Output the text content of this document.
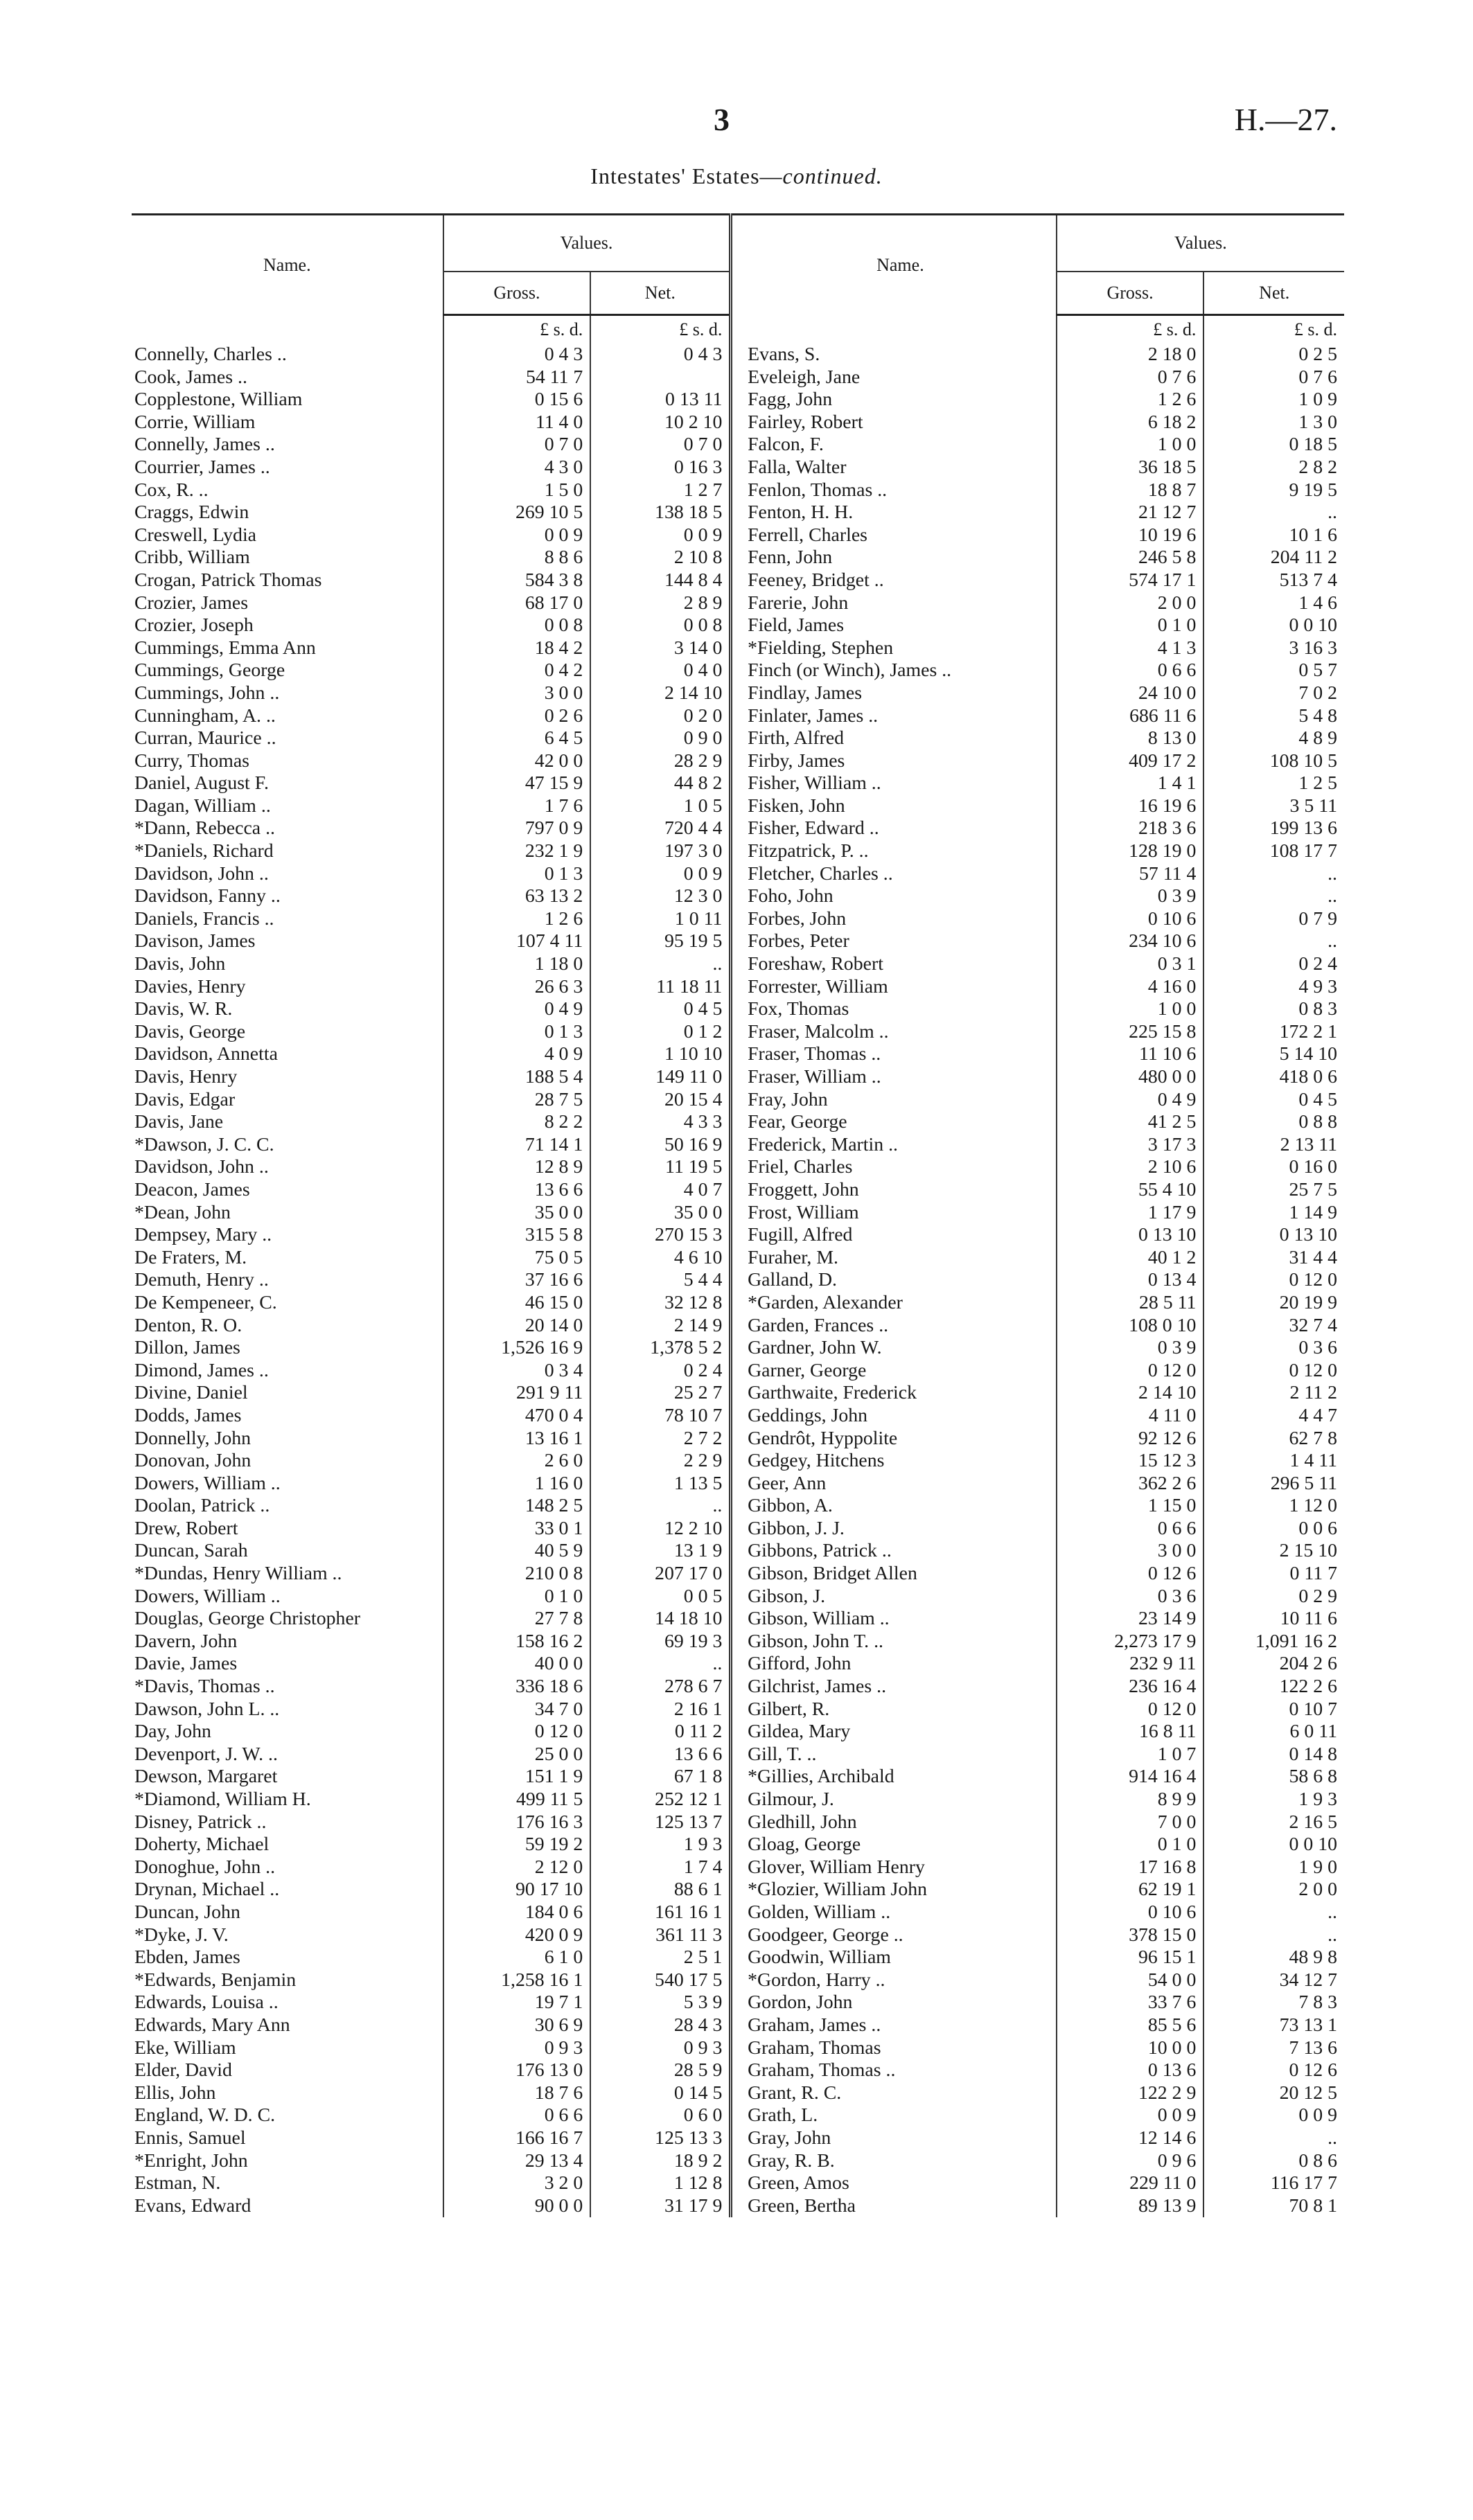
3	H.—27.
Intestates' Estates—continued.
Name.	Values.			Name.	Values.	
	Gross.	Net.			Gross.	Net.
	£ s. d.	£ s. d.			£ s. d.	£ s. d.
Connelly, Charles ..	0 4 3	0 4 3		Evans, S.	2 18 0	0 2 5
Cook, James ..	54 11 7			Eveleigh, Jane	0 7 6	0 7 6
Copplestone, William	0 15 6	0 13 11		Fagg, John	1 2 6	1 0 9
Corrie, William	11 4 0	10 2 10		Fairley, Robert	6 18 2	1 3 0
Connelly, James ..	0 7 0	0 7 0		Falcon, F.	1 0 0	0 18 5
Courrier, James ..	4 3 0	0 16 3		Falla, Walter	36 18 5	2 8 2
Cox, R. ..	1 5 0	1 2 7		Fenlon, Thomas ..	18 8 7	9 19 5
Craggs, Edwin	269 10 5	138 18 5		Fenton, H. H.	21 12 7	..
Creswell, Lydia	0 0 9	0 0 9		Ferrell, Charles	10 19 6	10 1 6
Cribb, William	8 8 6	2 10 8		Fenn, John	246 5 8	204 11 2
Crogan, Patrick Thomas	584 3 8	144 8 4		Feeney, Bridget ..	574 17 1	513 7 4
Crozier, James	68 17 0	2 8 9		Farerie, John	2 0 0	1 4 6
Crozier, Joseph	0 0 8	0 0 8		Field, James	0 1 0	0 0 10
Cummings, Emma Ann	18 4 2	3 14 0		*Fielding, Stephen	4 1 3	3 16 3
Cummings, George	0 4 2	0 4 0		Finch (or Winch), James ..	0 6 6	0 5 7
Cummings, John ..	3 0 0	2 14 10		Findlay, James	24 10 0	7 0 2
Cunningham, A. ..	0 2 6	0 2 0		Finlater, James ..	686 11 6	5 4 8
Curran, Maurice ..	6 4 5	0 9 0		Firth, Alfred	8 13 0	4 8 9
Curry, Thomas	42 0 0	28 2 9		Firby, James	409 17 2	108 10 5
Daniel, August F.	47 15 9	44 8 2		Fisher, William ..	1 4 1	1 2 5
Dagan, William ..	1 7 6	1 0 5		Fisken, John	16 19 6	3 5 11
*Dann, Rebecca ..	797 0 9	720 4 4		Fisher, Edward ..	218 3 6	199 13 6
*Daniels, Richard	232 1 9	197 3 0		Fitzpatrick, P. ..	128 19 0	108 17 7
Davidson, John ..	0 1 3	0 0 9		Fletcher, Charles ..	57 11 4	..
Davidson, Fanny ..	63 13 2	12 3 0		Foho, John	0 3 9	..
Daniels, Francis ..	1 2 6	1 0 11		Forbes, John	0 10 6	0 7 9
Davison, James	107 4 11	95 19 5		Forbes, Peter	234 10 6	..
Davis, John	1 18 0	..		Foreshaw, Robert	0 3 1	0 2 4
Davies, Henry	26 6 3	11 18 11		Forrester, William	4 16 0	4 9 3
Davis, W. R.	0 4 9	0 4 5		Fox, Thomas	1 0 0	0 8 3
Davis, George	0 1 3	0 1 2		Fraser, Malcolm ..	225 15 8	172 2 1
Davidson, Annetta	4 0 9	1 10 10		Fraser, Thomas ..	11 10 6	5 14 10
Davis, Henry	188 5 4	149 11 0		Fraser, William ..	480 0 0	418 0 6
Davis, Edgar	28 7 5	20 15 4		Fray, John	0 4 9	0 4 5
Davis, Jane	8 2 2	4 3 3		Fear, George	41 2 5	0 8 8
*Dawson, J. C. C.	71 14 1	50 16 9		Frederick, Martin ..	3 17 3	2 13 11
Davidson, John ..	12 8 9	11 19 5		Friel, Charles	2 10 6	0 16 0
Deacon, James	13 6 6	4 0 7		Froggett, John	55 4 10	25 7 5
*Dean, John	35 0 0	35 0 0		Frost, William	1 17 9	1 14 9
Dempsey, Mary ..	315 5 8	270 15 3		Fugill, Alfred	0 13 10	0 13 10
De Fraters, M.	75 0 5	4 6 10		Furaher, M.	40 1 2	31 4 4
Demuth, Henry ..	37 16 6	5 4 4		Galland, D.	0 13 4	0 12 0
De Kempeneer, C.	46 15 0	32 12 8		*Garden, Alexander	28 5 11	20 19 9
Denton, R. O.	20 14 0	2 14 9		Garden, Frances ..	108 0 10	32 7 4
Dillon, James	1,526 16 9	1,378 5 2		Gardner, John W.	0 3 9	0 3 6
Dimond, James ..	0 3 4	0 2 4		Garner, George	0 12 0	0 12 0
Divine, Daniel	291 9 11	25 2 7		Garthwaite, Frederick	2 14 10	2 11 2
Dodds, James	470 0 4	78 10 7		Geddings, John	4 11 0	4 4 7
Donnelly, John	13 16 1	2 7 2		Gendrôt, Hyppolite	92 12 6	62 7 8
Donovan, John	2 6 0	2 2 9		Gedgey, Hitchens	15 12 3	1 4 11
Dowers, William ..	1 16 0	1 13 5		Geer, Ann	362 2 6	296 5 11
Doolan, Patrick ..	148 2 5	..		Gibbon, A.	1 15 0	1 12 0
Drew, Robert	33 0 1	12 2 10		Gibbon, J. J.	0 6 6	0 0 6
Duncan, Sarah	40 5 9	13 1 9		Gibbons, Patrick ..	3 0 0	2 15 10
*Dundas, Henry William ..	210 0 8	207 17 0		Gibson, Bridget Allen	0 12 6	0 11 7
Dowers, William ..	0 1 0	0 0 5		Gibson, J.	0 3 6	0 2 9
Douglas, George Christopher	27 7 8	14 18 10		Gibson, William ..	23 14 9	10 11 6
Davern, John	158 16 2	69 19 3		Gibson, John T. ..	2,273 17 9	1,091 16 2
Davie, James	40 0 0	..		Gifford, John	232 9 11	204 2 6
*Davis, Thomas ..	336 18 6	278 6 7		Gilchrist, James ..	236 16 4	122 2 6
Dawson, John L. ..	34 7 0	2 16 1		Gilbert, R.	0 12 0	0 10 7
Day, John	0 12 0	0 11 2		Gildea, Mary	16 8 11	6 0 11
Devenport, J. W. ..	25 0 0	13 6 6		Gill, T. ..	1 0 7	0 14 8
Dewson, Margaret	151 1 9	67 1 8		*Gillies, Archibald	914 16 4	58 6 8
*Diamond, William H.	499 11 5	252 12 1		Gilmour, J.	8 9 9	1 9 3
Disney, Patrick ..	176 16 3	125 13 7		Gledhill, John	7 0 0	2 16 5
Doherty, Michael	59 19 2	1 9 3		Gloag, George	0 1 0	0 0 10
Donoghue, John ..	2 12 0	1 7 4		Glover, William Henry	17 16 8	1 9 0
Drynan, Michael ..	90 17 10	88 6 1		*Glozier, William John	62 19 1	2 0 0
Duncan, John	184 0 6	161 16 1		Golden, William ..	0 10 6	..
*Dyke, J. V.	420 0 9	361 11 3		Goodgeer, George ..	378 15 0	..
Ebden, James	6 1 0	2 5 1		Goodwin, William	96 15 1	48 9 8
*Edwards, Benjamin	1,258 16 1	540 17 5		*Gordon, Harry ..	54 0 0	34 12 7
Edwards, Louisa ..	19 7 1	5 3 9		Gordon, John	33 7 6	7 8 3
Edwards, Mary Ann	30 6 9	28 4 3		Graham, James ..	85 5 6	73 13 1
Eke, William	0 9 3	0 9 3		Graham, Thomas	10 0 0	7 13 6
Elder, David	176 13 0	28 5 9		Graham, Thomas ..	0 13 6	0 12 6
Ellis, John	18 7 6	0 14 5		Grant, R. C.	122 2 9	20 12 5
England, W. D. C.	0 6 6	0 6 0		Grath, L.	0 0 9	0 0 9
Ennis, Samuel	166 16 7	125 13 3		Gray, John	12 14 6	..
*Enright, John	29 13 4	18 9 2		Gray, R. B.	0 9 6	0 8 6
Estman, N.	3 2 0	1 12 8		Green, Amos	229 11 0	116 17 7
Evans, Edward	90 0 0	31 17 9		Green, Bertha	89 13 9	70 8 1
